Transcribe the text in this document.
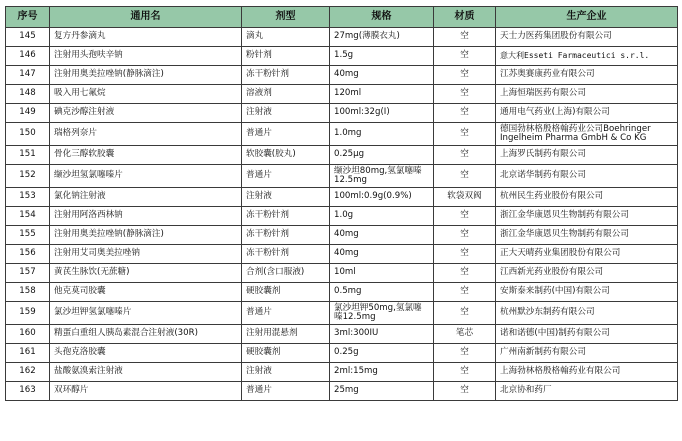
序号	通用名	剂型	规格	材质	生产企业
145	复方丹参滴丸	滴丸	27mg(薄膜衣丸)	空	天士力医药集团股份有限公司
146	注射用头孢呋辛钠	粉针剂	1.5g	空	意大利Esseti Farmaceutici s.r.l.
147	注射用奥美拉唑钠(静脉滴注)	冻干粉针剂	40mg	空	江苏奥赛康药业有限公司
148	吸入用七氟烷	溶液剂	120ml	空	上海恒瑞医药有限公司
149	碘克沙醇注射液	注射液	100ml:32g(I)	空	通用电气药业(上海)有限公司
150	瑞格列奈片	普通片	1.0mg	空	德国勃林格殷格翰药业公司Boehringer Ingelheim Pharma GmbH & Co KG
151	骨化三醇软胶囊	软胶囊(胶丸)	0.25μg	空	上海罗氏制药有限公司
152	缬沙坦氢氯噻嗪片	普通片	缬沙坦80mg,氢氯噻嗪12.5mg	空	北京诺华制药有限公司
153	氯化钠注射液	注射液	100ml:0.9g(0.9%)	软袋双阀	杭州民生药业股份有限公司
154	注射用阿洛西林钠	冻干粉针剂	1.0g	空	浙江金华康恩贝生物制药有限公司
155	注射用奥美拉唑钠(静脉滴注)	冻干粉针剂	40mg	空	浙江金华康恩贝生物制药有限公司
156	注射用艾司奥美拉唑钠	冻干粉针剂	40mg	空	正大天晴药业集团股份有限公司
157	黄芪生脉饮(无蔗糖)	合剂(含口服液)	10ml	空	江西新光药业股份有限公司
158	他克莫司胶囊	硬胶囊剂	0.5mg	空	安斯泰来制药(中国)有限公司
159	氯沙坦钾氢氯噻嗪片	普通片	氯沙坦钾50mg,氢氯噻嗪12.5mg	空	杭州默沙东制药有限公司
160	精蛋白重组人胰岛素混合注射液(30R)	注射用混悬剂	3ml:300IU	笔芯	诺和诺德(中国)制药有限公司
161	头孢克洛胶囊	硬胶囊剂	0.25g	空	广州南新制药有限公司
162	盐酸氨溴索注射液	注射液	2ml:15mg	空	上海勃林格殷格翰药业有限公司
163	双环醇片	普通片	25mg	空	北京协和药厂
